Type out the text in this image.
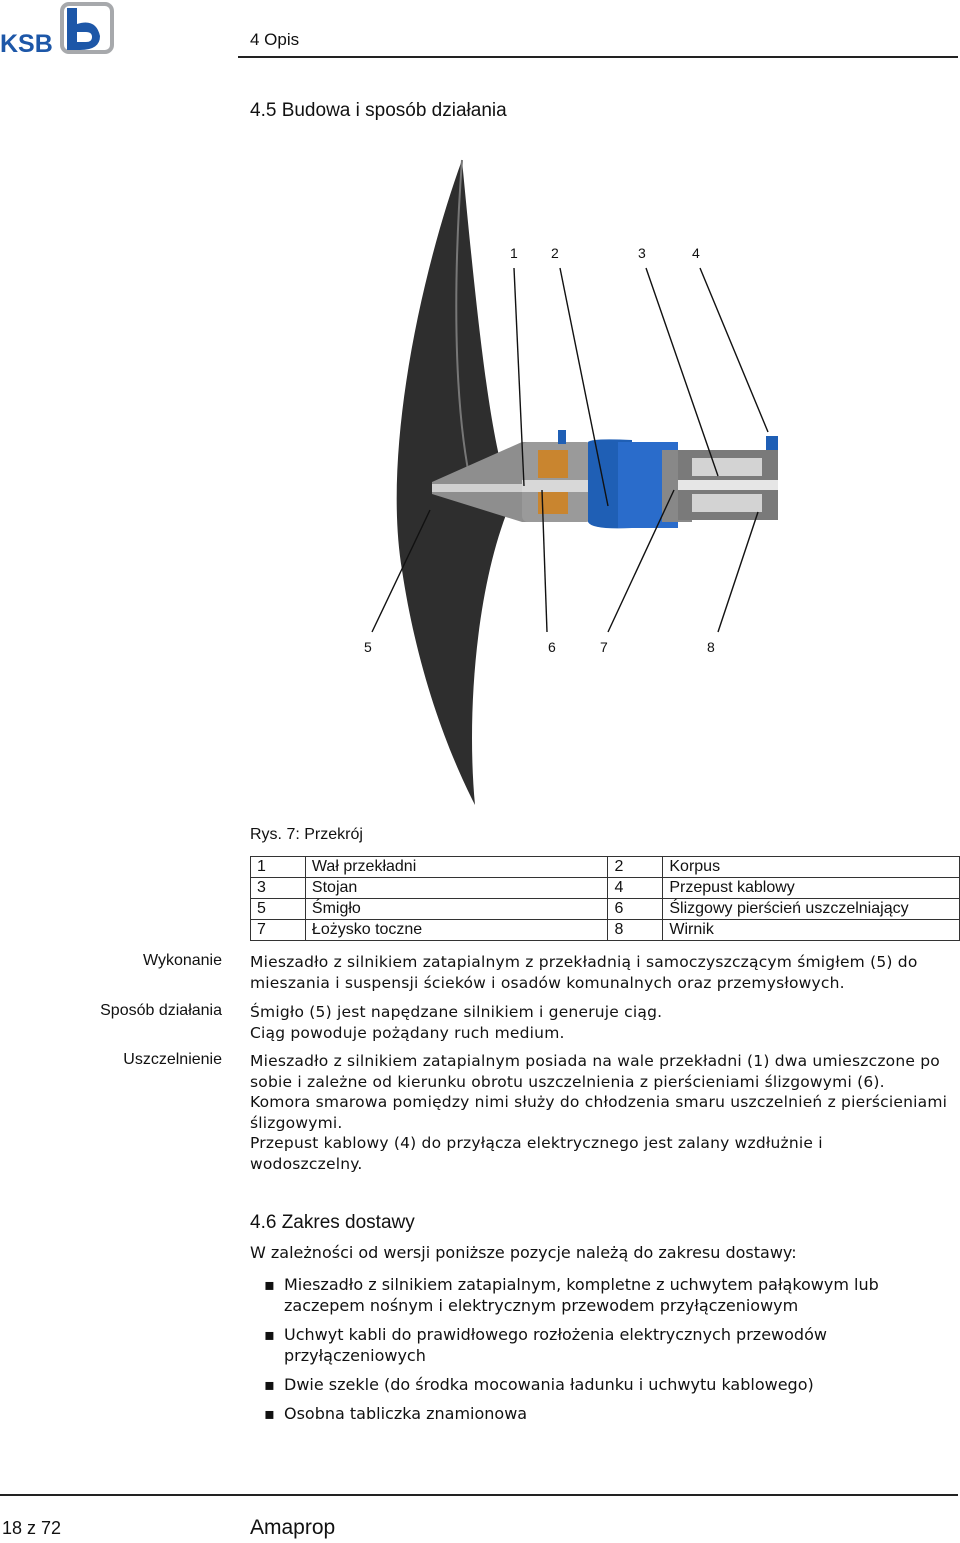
KSB	4 Opis
4.5 Budowa i sposób działania
1 2	3	4
5	6	7	8
Rys. 7: Przekrój
1	Wał przekładni	2	Korpus
3	Stojan	4	Przepust kablowy
5	Śmigło	6	Ślizgowy pierścień uszczelniający
7	Łożysko toczne	8	Wirnik
Wykonanie Mieszadło z silnikiem zatapialnym z przekładnią i samoczyszczącym śmigłem (5) do mieszania i suspensji ścieków i osadów komunalnych oraz przemysłowych.
Sposób działania Śmigło (5) jest napędzane silnikiem i generuje ciąg. Ciąg powoduje pożądany ruch medium.
Uszczelnienie Mieszadło z silnikiem zatapialnym posiada na wale przekładni (1) dwa umieszczone po sobie i zależne od kierunku obrotu uszczelnienia z pierścieniami ślizgowymi (6). Komora smarowa pomiędzy nimi służy do chłodzenia smaru uszczelnień z pierścieniami ślizgowymi.
Przepust kablowy (4) do przyłącza elektrycznego jest zalany wzdłużnie i wodoszczelny.
4.6 Zakres dostawy
W zależności od wersji poniższe pozycje należą do zakresu dostawy:
▪ Mieszadło z silnikiem zatapialnym, kompletne z uchwytem pałąkowym lub zaczepem nośnym i elektrycznym przewodem przyłączeniowym
▪ Uchwyt kabli do prawidłowego rozłożenia elektrycznych przewodów przyłączeniowych
▪ Dwie szekle (do środka mocowania ładunku i uchwytu kablowego)
▪ Osobna tabliczka znamionowa
18 z 72	Amaprop
